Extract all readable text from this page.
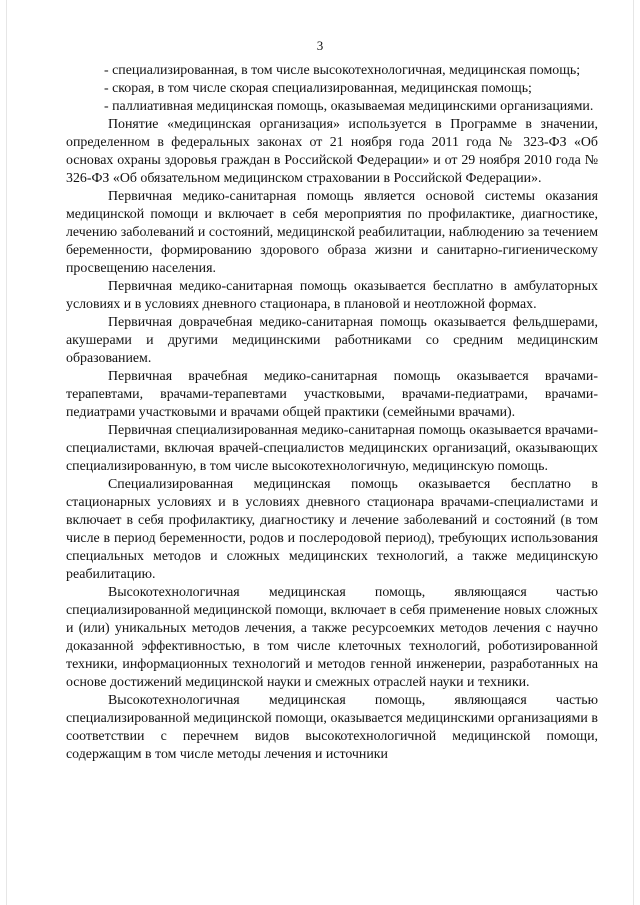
3

- специализированная, в том числе высокотехнологичная, медицинская помощь;

- скорая, в том числе скорая специализированная, медицинская помощь;

- паллиативная медицинская помощь, оказываемая медицинскими организациями.

Понятие «медицинская организация» используется в Программе в значении, определенном в федеральных законах от 21 ноября года 2011 года № 323-ФЗ «Об основах охраны здоровья граждан в Российской Федерации» и от 29 ноября 2010 года № 326-ФЗ «Об обязательном медицинском страховании в Российской Федерации».

Первичная медико-санитарная помощь является основой системы оказания медицинской помощи и включает в себя мероприятия по профилактике, диагностике, лечению заболеваний и состояний, медицинской реабилитации, наблюдению за течением беременности, формированию здорового образа жизни и санитарно-гигиеническому просвещению населения.

Первичная медико-санитарная помощь оказывается бесплатно в амбулаторных условиях и в условиях дневного стационара, в плановой и неотложной формах.

Первичная доврачебная медико-санитарная помощь оказывается фельдшерами, акушерами и другими медицинскими работниками со средним медицинским образованием.

Первичная врачебная медико-санитарная помощь оказывается врачами-терапевтами, врачами-терапевтами участковыми, врачами-педиатрами, врачами-педиатрами участковыми и врачами общей практики (семейными врачами).

Первичная специализированная медико-санитарная помощь оказывается врачами-специалистами, включая врачей-специалистов медицинских организаций, оказывающих специализированную, в том числе высокотехнологичную, медицинскую помощь.

Специализированная медицинская помощь оказывается бесплатно в стационарных условиях и в условиях дневного стационара врачами-специалистами и включает в себя профилактику, диагностику и лечение заболеваний и состояний (в том числе в период беременности, родов и послеродовой период), требующих использования специальных методов и сложных медицинских технологий, а также медицинскую реабилитацию.

Высокотехнологичная медицинская помощь, являющаяся частью специализированной медицинской помощи, включает в себя применение новых сложных и (или) уникальных методов лечения, а также ресурсоемких методов лечения с научно доказанной эффективностью, в том числе клеточных технологий, роботизированной техники, информационных технологий и методов генной инженерии, разработанных на основе достижений медицинской науки и смежных отраслей науки и техники.

Высокотехнологичная медицинская помощь, являющаяся частью специализированной медицинской помощи, оказывается медицинскими организациями в соответствии с перечнем видов высокотехнологичной медицинской помощи, содержащим в том числе методы лечения и источники
